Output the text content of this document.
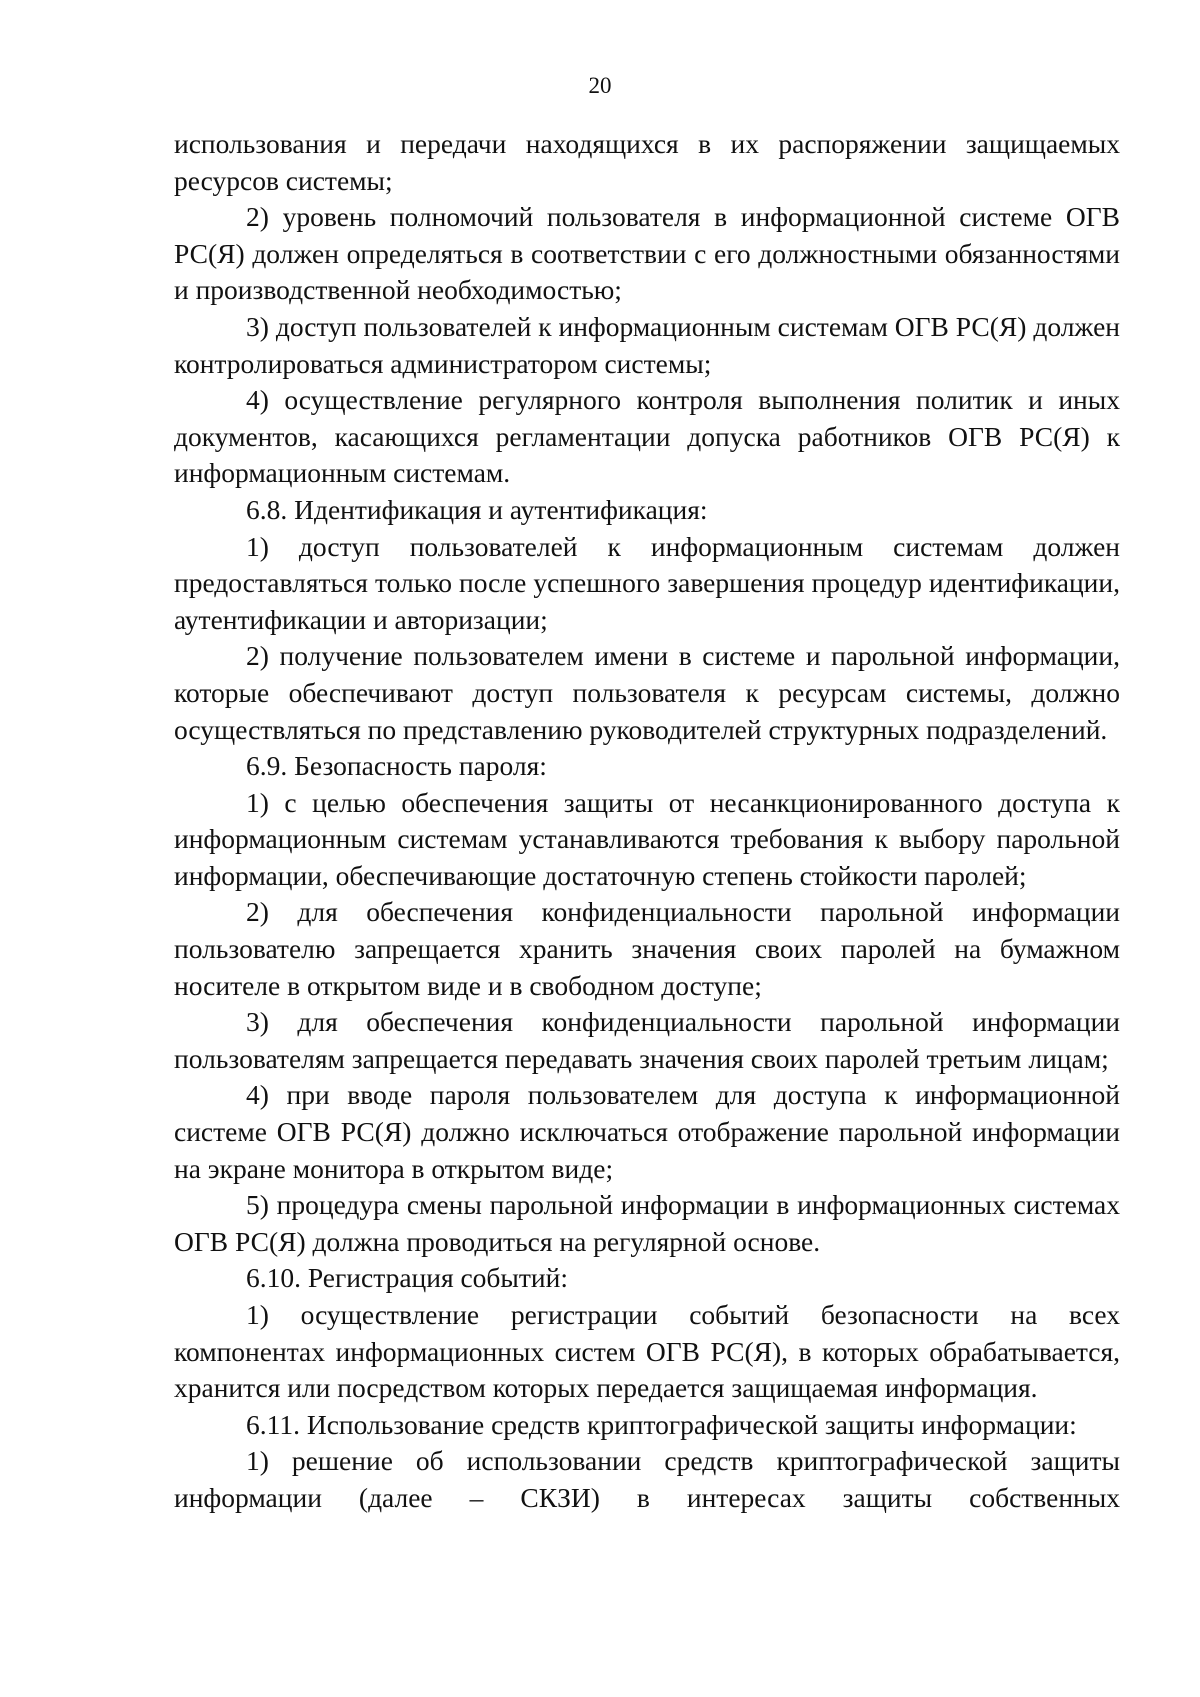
20

использования и передачи находящихся в их распоряжении защищаемых ресурсов системы;

2) уровень полномочий пользователя в информационной системе ОГВ РС(Я) должен определяться в соответствии с его должностными обязанностями и производственной необходимостью;

3) доступ пользователей к информационным системам ОГВ РС(Я) должен контролироваться администратором системы;

4) осуществление регулярного контроля выполнения политик и иных документов, касающихся регламентации допуска работников ОГВ РС(Я) к информационным системам.

6.8. Идентификация и аутентификация:

1) доступ пользователей к информационным системам должен предоставляться только после успешного завершения процедур идентификации, аутентификации и авторизации;

2) получение пользователем имени в системе и парольной информации, которые обеспечивают доступ пользователя к ресурсам системы, должно осуществляться по представлению руководителей структурных подразделений.

6.9. Безопасность пароля:

1) с целью обеспечения защиты от несанкционированного доступа к информационным системам устанавливаются требования к выбору парольной информации, обеспечивающие достаточную степень стойкости паролей;

2) для обеспечения конфиденциальности парольной информации пользователю запрещается хранить значения своих паролей на бумажном носителе в открытом виде и в свободном доступе;

3) для обеспечения конфиденциальности парольной информации пользователям запрещается передавать значения своих паролей третьим лицам;

4) при вводе пароля пользователем для доступа к информационной системе ОГВ РС(Я) должно исключаться отображение парольной информации на экране монитора в открытом виде;

5) процедура смены парольной информации в информационных системах ОГВ РС(Я) должна проводиться на регулярной основе.

6.10. Регистрация событий:

1) осуществление регистрации событий безопасности на всех компонентах информационных систем ОГВ РС(Я), в которых обрабатывается, хранится или посредством которых передается защищаемая информация.

6.11. Использование средств криптографической защиты информации:

1) решение об использовании средств криптографической защиты информации (далее – СКЗИ) в интересах защиты собственных
